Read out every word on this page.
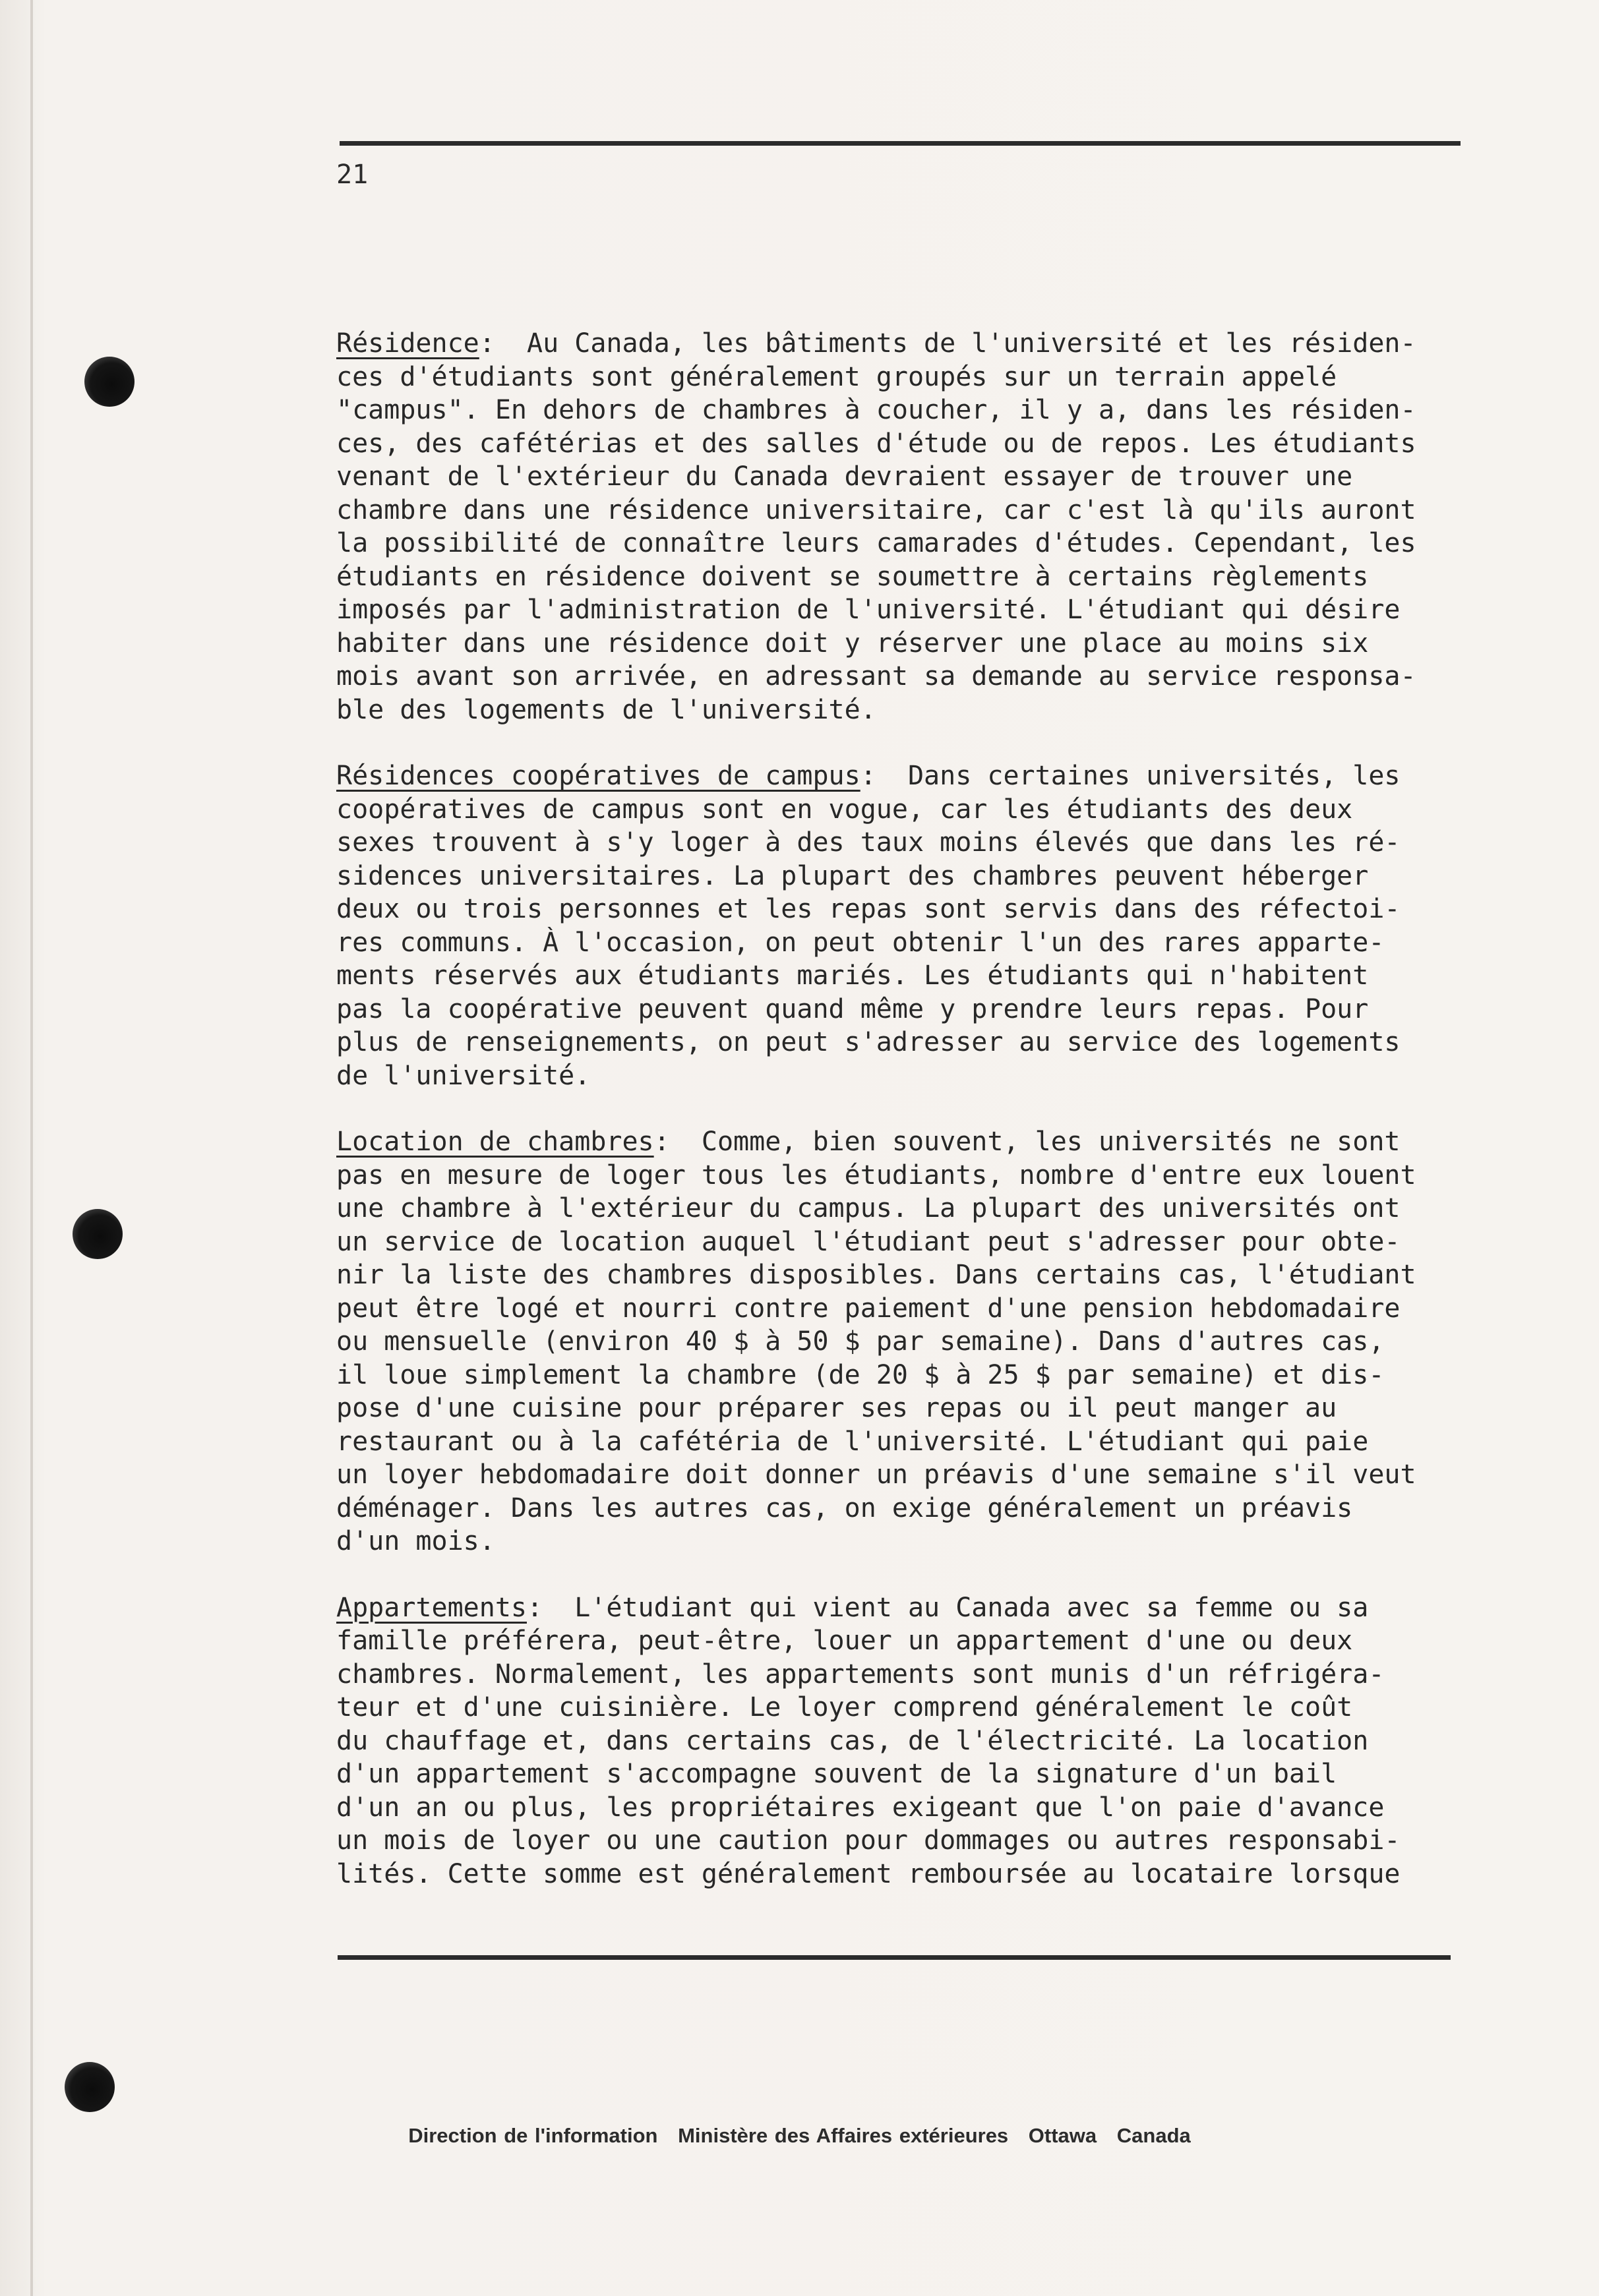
21
Résidence:  Au Canada, les bâtiments de l'université et les résiden-
ces d'étudiants sont généralement groupés sur un terrain appelé
"campus". En dehors de chambres à coucher, il y a, dans les résiden-
ces, des cafétérias et des salles d'étude ou de repos. Les étudiants
venant de l'extérieur du Canada devraient essayer de trouver une
chambre dans une résidence universitaire, car c'est là qu'ils auront
la possibilité de connaître leurs camarades d'études. Cependant, les
étudiants en résidence doivent se soumettre à certains règlements
imposés par l'administration de l'université. L'étudiant qui désire
habiter dans une résidence doit y réserver une place au moins six
mois avant son arrivée, en adressant sa demande au service responsa-
ble des logements de l'université.
Résidences coopératives de campus:  Dans certaines universités, les
coopératives de campus sont en vogue, car les étudiants des deux
sexes trouvent à s'y loger à des taux moins élevés que dans les ré-
sidences universitaires. La plupart des chambres peuvent héberger
deux ou trois personnes et les repas sont servis dans des réfectoi-
res communs. À l'occasion, on peut obtenir l'un des rares apparte-
ments réservés aux étudiants mariés. Les étudiants qui n'habitent
pas la coopérative peuvent quand même y prendre leurs repas. Pour
plus de renseignements, on peut s'adresser au service des logements
de l'université.
Location de chambres:  Comme, bien souvent, les universités ne sont
pas en mesure de loger tous les étudiants, nombre d'entre eux louent
une chambre à l'extérieur du campus. La plupart des universités ont
un service de location auquel l'étudiant peut s'adresser pour obte-
nir la liste des chambres disposibles. Dans certains cas, l'étudiant
peut être logé et nourri contre paiement d'une pension hebdomadaire
ou mensuelle (environ 40 $ à 50 $ par semaine). Dans d'autres cas,
il loue simplement la chambre (de 20 $ à 25 $ par semaine) et dis-
pose d'une cuisine pour préparer ses repas ou il peut manger au
restaurant ou à la cafétéria de l'université. L'étudiant qui paie
un loyer hebdomadaire doit donner un préavis d'une semaine s'il veut
déménager. Dans les autres cas, on exige généralement un préavis
d'un mois.
Appartements:  L'étudiant qui vient au Canada avec sa femme ou sa
famille préférera, peut-être, louer un appartement d'une ou deux
chambres. Normalement, les appartements sont munis d'un réfrigéra-
teur et d'une cuisinière. Le loyer comprend généralement le coût
du chauffage et, dans certains cas, de l'électricité. La location
d'un appartement s'accompagne souvent de la signature d'un bail
d'un an ou plus, les propriétaires exigeant que l'on paie d'avance
un mois de loyer ou une caution pour dommages ou autres responsabi-
lités. Cette somme est généralement remboursée au locataire lorsque
Direction de l'information Ministère des Affaires extérieures Ottawa Canada
